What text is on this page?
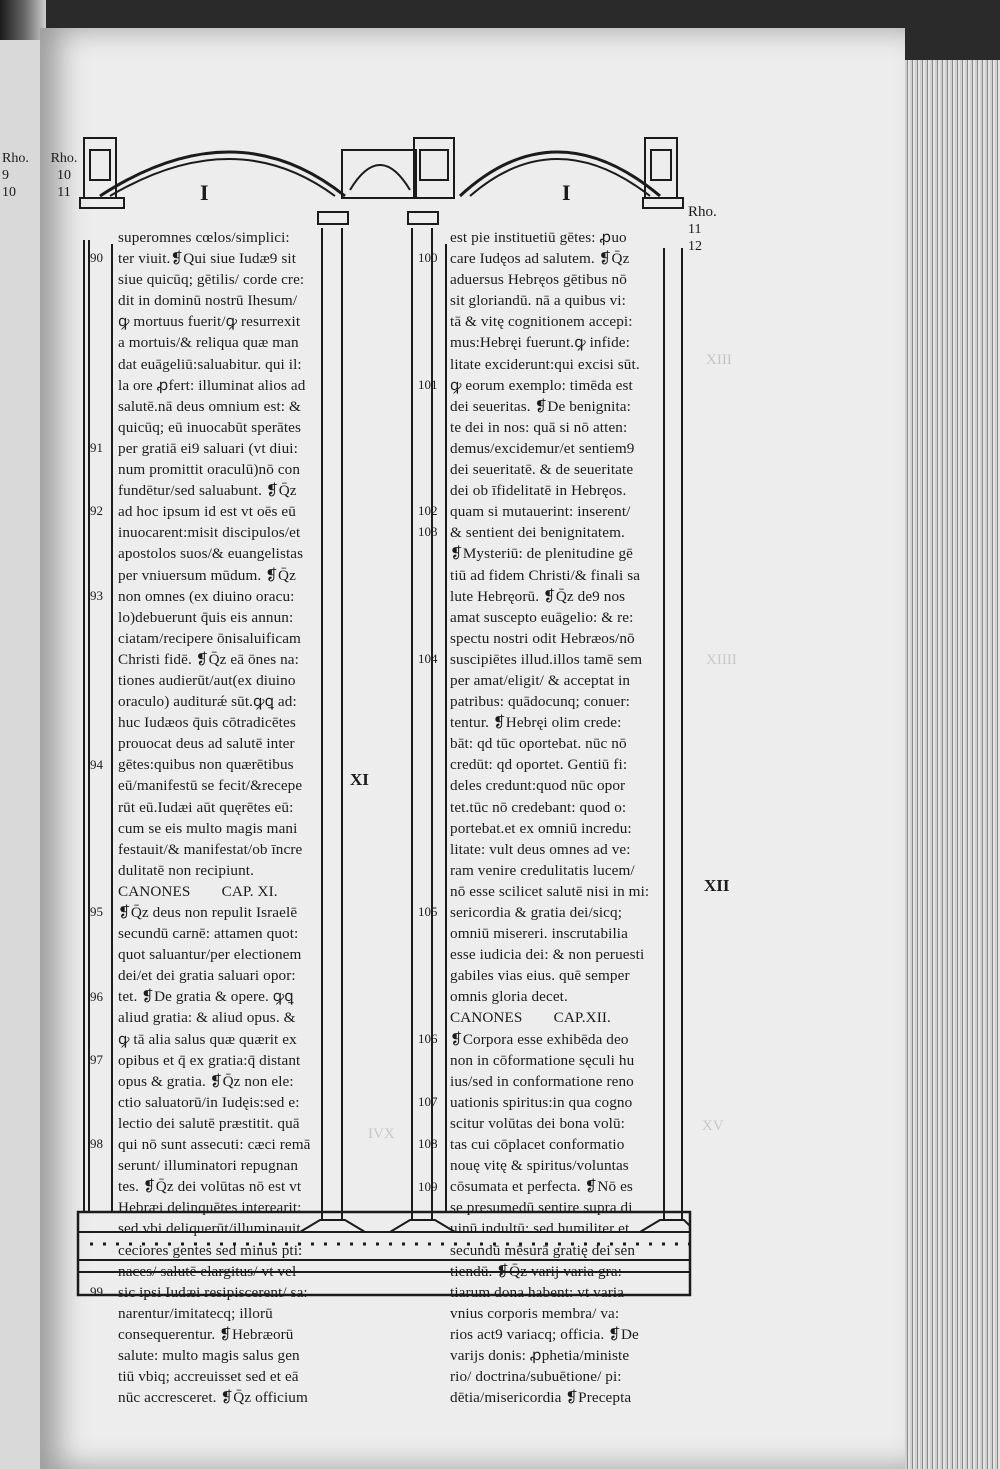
Rho.
9
10
Rho.
10
11	I	I
Rho.
11
12
superomnes cœlos/simplici:
ter viuit.❡Qui siue Iudæ9 sit
siue quicūq; gētilis/ corde cre:
dit in dominū nostrū Ihesum/
ꝙ mortuus fuerit/ꝙ resurrexit
a mortuis/& reliqua quæ man
dat euāgeliū:saluabitur. qui il:
la ore ꝓfert: illuminat alios ad
salutē.nā deus omnium est: &
quicūq; eū inuocabūt sperātes
per gratiā ei9 saluari (vt diui:
num promittit oraculū)nō con
fundētur/sed saluabunt. ❡Q̄z
ad hoc ipsum id est vt oēs eū
inuocarent:misit discipulos/et
apostolos suos/& euangelistas
per vniuersum mūdum. ❡Q̄z
non omnes (ex diuino oracu:
lo)debuerunt q̄uis eis annun:
ciatam/recipere ōnisaluificam
Christi fidē. ❡Q̄z eā ōnes na:
tiones audierūt/aut(ex diuino
oraculo) auditurǽ sūt.ꝙꝗ ad:
huc Iudæos q̄uis cōtradicētes
prouocat deus ad salutē inter
gētes:quibus non quærētibus
eū/manifestū se fecit/&recepe
rūt eū.Iudæi aūt quęrētes eū:
cum se eis multo magis mani
festauit/& manifestat/ob īncre
dulitatē non recipiunt.
CANONES        CAP. XI.
❡Q̄z deus non repulit Israelē
secundū carnē: attamen quot:
quot saluantur/per electionem
dei/et dei gratia saluari opor:
tet. ❡De gratia & opere. ꝙꝗ
aliud gratia: & aliud opus. &
ꝙ tā alia salus quæ quærit ex
opibus et q̄ ex gratia:q̄ distant
opus & gratia. ❡Q̄z non ele:
ctio saluatorū/in Iudęis:sed e:
lectio dei salutē præstitit. quā
qui nō sunt assecuti: cæci remā
serunt/ illuminatori repugnan
tes. ❡Q̄z dei volūtas nō est vt
Hebræi delinquētes interearit:
sed vbi deliquerūt/illuminauit
ceciores gentes sed minus pti:
naces/ salutē elargitus/ vt vel
sic ipsi Iudæi resipiscerent/ sa:
narentur/imitatecq; illorū
consequerentur. ❡Hebræorū
salute: multo magis salus gen
tiū vbiq; accreuisset sed et eā
nūc accresceret. ❡Q̄z officium
90
91
92
93
94
95
96
97
98
99
est pie instituetiū gētes: ꝓuo
care Iudęos ad salutem. ❡Q̄z
aduersus Hebręos gētibus nō
sit gloriandū. nā a quibus vi:
tā & vitę cognitionem accepi:
mus:Hebręi fuerunt.ꝙ infide:
litate exciderunt:qui excisi sūt.
ꝙ eorum exemplo: timēda est
dei seueritas. ❡De benignita:
te dei in nos: quā si nō atten:
demus/excidemur/et sentiem9
dei seueritatē. & de seueritate
dei ob īfidelitatē in Hebręos.
quam si mutauerint: inserent/
& sentient dei benignitatem.
❡Mysteriū: de plenitudine gē
tiū ad fidem Christi/& finali sa
lute Hebręorū. ❡Q̄z de9 nos
amat suscepto euāgelio: & re:
spectu nostri odit Hebræos/nō
suscipiētes illud.illos tamē sem
per amat/eligit/ & acceptat in
patribus: quādocunq; conuer:
tentur. ❡Hebręi olim crede:
bāt: qd tūc oportebat. nūc nō
credūt: qd oportet. Gentiū fi:
deles credunt:quod nūc opor
tet.tūc nō credebant: quod o:
portebat.et ex omniū incredu:
litate: vult deus omnes ad ve:
ram venire credulitatis lucem/
nō esse scilicet salutē nisi in mi:
sericordia & gratia dei/sicq;
omniū misereri. inscrutabilia
esse iudicia dei: & non peruesti
gabiles vias eius. quē semper
omnis gloria decet.
CANONES        CAP.XII.
❡Corpora esse exhibēda deo
non in cōformatione sęculi hu
ius/sed in conformatione reno
uationis spiritus:in qua cogno
scitur volūtas dei bona volū:
tas cui cōplacet conformatio
nouę vitę & spiritus/voluntas
cōsumata et perfecta. ❡Nō es
se presumedū sentire supra di
uinū indultū: sed humiliter et
secundū mēsurā gratię dei sen
tiendū. ❡Q̄z varij varia gra:
tiarum dona habent: vt varia
vnius corporis membra/ va:
rios act9 variacq; officia. ❡De
varijs donis: ꝓphetia/ministe
rio/ doctrina/subuētione/ pi:
dētia/misericordia ❡Precepta
100
101
102
103
104
105
106
107
108
109
XI
XII
XIII
XIIII
XV
IVX
